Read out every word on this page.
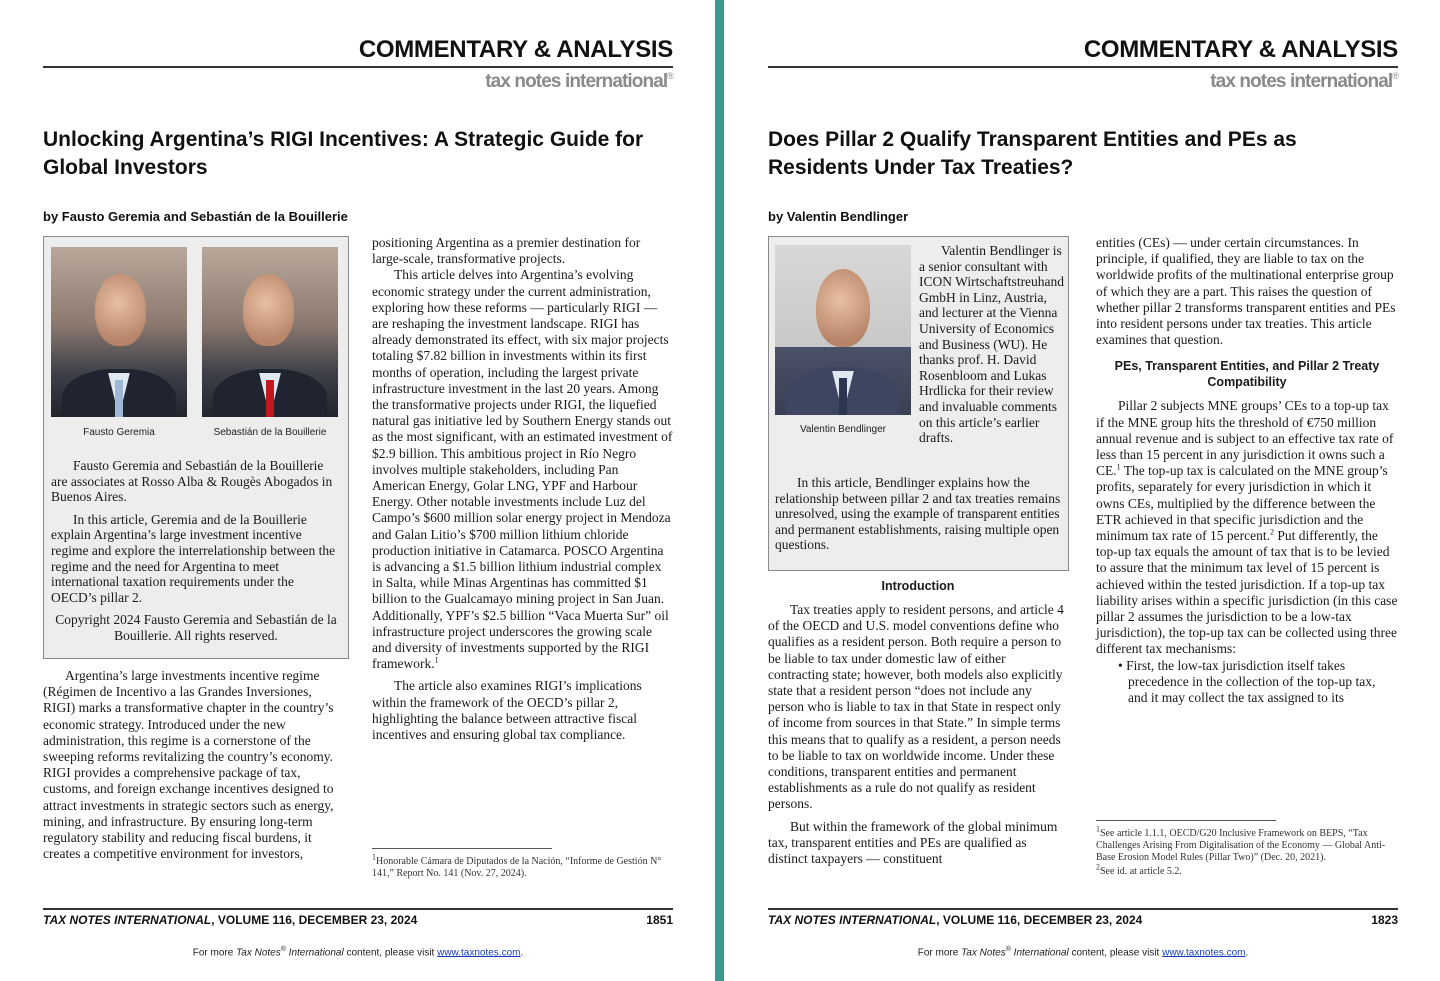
COMMENTARY & ANALYSIS
tax notes international®
Unlocking Argentina’s RIGI Incentives: A Strategic Guide for Global Investors
by Fausto Geremia and Sebastián de la Bouillerie
Fausto Geremia	Sebastián de la Bouillerie

Fausto Geremia and Sebastián de la Bouillerie are associates at Rosso Alba & Rougès Abogados in Buenos Aires.

In this article, Geremia and de la Bouillerie explain Argentina’s large investment incentive regime and explore the interrelationship between the regime and the need for Argentina to meet international taxation requirements under the OECD’s pillar 2.

Copyright 2024 Fausto Geremia and Sebastián de la Bouillerie. All rights reserved.

Argentina’s large investments incentive regime (Régimen de Incentivo a las Grandes Inversiones, RIGI) marks a transformative chapter in the country’s economic strategy. Introduced under the new administration, this regime is a cornerstone of the sweeping reforms revitalizing the country’s economy. RIGI provides a comprehensive package of tax, customs, and foreign exchange incentives designed to attract investments in strategic sectors such as energy, mining, and infrastructure. By ensuring long-term regulatory stability and reducing fiscal burdens, it creates a competitive environment for investors,

positioning Argentina as a premier destination for large-scale, transformative projects.

This article delves into Argentina’s evolving economic strategy under the current administration, exploring how these reforms — particularly RIGI — are reshaping the investment landscape. RIGI has already demonstrated its effect, with six major projects totaling $7.82 billion in investments within its first months of operation, including the largest private infrastructure investment in the last 20 years. Among the transformative projects under RIGI, the liquefied natural gas initiative led by Southern Energy stands out as the most significant, with an estimated investment of $2.9 billion. This ambitious project in Río Negro involves multiple stakeholders, including Pan American Energy, Golar LNG, YPF and Harbour Energy. Other notable investments include Luz del Campo’s $600 million solar energy project in Mendoza and Galan Litio’s $700 million lithium chloride production initiative in Catamarca. POSCO Argentina is advancing a $1.5 billion lithium industrial complex in Salta, while Minas Argentinas has committed $1 billion to the Gualcamayo mining project in San Juan. Additionally, YPF’s $2.5 billion “Vaca Muerta Sur” oil infrastructure project underscores the growing scale and diversity of investments supported by the RIGI framework.$^1$

The article also examines RIGI’s implications within the framework of the OECD’s pillar 2, highlighting the balance between attractive fiscal incentives and ensuring global tax compliance.

$^1$Honorable Cámara de Diputados de la Nación, “Informe de Gestión N° 141,” Report No. 141 (Nov. 27, 2024).
TAX NOTES INTERNATIONAL, VOLUME 116, DECEMBER 23, 2024	1851
For more Tax Notes® International content, please visit www.taxnotes.com.
COMMENTARY & ANALYSIS
tax notes international®
Does Pillar 2 Qualify Transparent Entities and PEs as Residents Under Tax Treaties?
by Valentin Bendlinger
Valentin Bendlinger

Valentin Bendlinger is a senior consultant with ICON Wirtschaftstreuhand GmbH in Linz, Austria, and lecturer at the Vienna University of Economics and Business (WU). He thanks prof. H. David Rosenbloom and Lukas Hrdlicka for their review and invaluable comments on this article’s earlier drafts.

In this article, Bendlinger explains how the relationship between pillar 2 and tax treaties remains unresolved, using the example of transparent entities and permanent establishments, raising multiple open questions.

Introduction

Tax treaties apply to resident persons, and article 4 of the OECD and U.S. model conventions define who qualifies as a resident person. Both require a person to be liable to tax under domestic law of either contracting state; however, both models also explicitly state that a resident person “does not include any person who is liable to tax in that State in respect only of income from sources in that State.” In simple terms this means that to qualify as a resident, a person needs to be liable to tax on worldwide income. Under these conditions, transparent entities and permanent establishments as a rule do not qualify as resident persons.

But within the framework of the global minimum tax, transparent entities and PEs are qualified as distinct taxpayers — constituent

entities (CEs) — under certain circumstances. In principle, if qualified, they are liable to tax on the worldwide profits of the multinational enterprise group of which they are a part. This raises the question of whether pillar 2 transforms transparent entities and PEs into resident persons under tax treaties. This article examines that question.

PEs, Transparent Entities, and Pillar 2 Treaty Compatibility

Pillar 2 subjects MNE groups’ CEs to a top-up tax if the MNE group hits the threshold of €750 million annual revenue and is subject to an effective tax rate of less than 15 percent in any jurisdiction it owns such a CE.$^1$ The top-up tax is calculated on the MNE group’s profits, separately for every jurisdiction in which it owns CEs, multiplied by the difference between the ETR achieved in that specific jurisdiction and the minimum tax rate of 15 percent.$^2$ Put differently, the top-up tax equals the amount of tax that is to be levied to assure that the minimum tax level of 15 percent is achieved within the tested jurisdiction. If a top-up tax liability arises within a specific jurisdiction (in this case pillar 2 assumes the jurisdiction to be a low-tax jurisdiction), the top-up tax can be collected using three different tax mechanisms:

• First, the low-tax jurisdiction itself takes precedence in the collection of the top-up tax, and it may collect the tax assigned to its
$^1$See article 1.1.1, OECD/G20 Inclusive Framework on BEPS, “Tax Challenges Arising From Digitalisation of the Economy — Global Anti-Base Erosion Model Rules (Pillar Two)” (Dec. 20, 2021).
$^2$See id. at article 5.2.
TAX NOTES INTERNATIONAL, VOLUME 116, DECEMBER 23, 2024	1823
For more Tax Notes® International content, please visit www.taxnotes.com.
